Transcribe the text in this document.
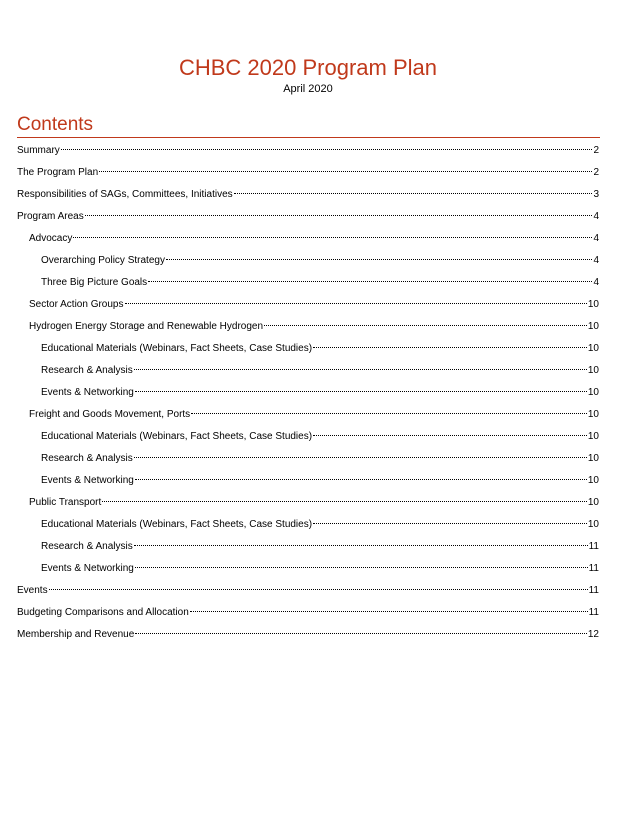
CHBC 2020 Program Plan
April 2020
Contents
Summary	2
The Program Plan	2
Responsibilities of SAGs, Committees, Initiatives	3
Program Areas	4
Advocacy	4
Overarching Policy Strategy	4
Three Big Picture Goals	4
Sector Action Groups	10
Hydrogen Energy Storage and Renewable Hydrogen	10
Educational Materials (Webinars, Fact Sheets, Case Studies)	10
Research & Analysis	10
Events & Networking	10
Freight and Goods Movement, Ports	10
Educational Materials (Webinars, Fact Sheets, Case Studies)	10
Research & Analysis	10
Events & Networking	10
Public Transport	10
Educational Materials (Webinars, Fact Sheets, Case Studies)	10
Research & Analysis	11
Events & Networking	11
Events	11
Budgeting Comparisons and Allocation	11
Membership and Revenue	12
